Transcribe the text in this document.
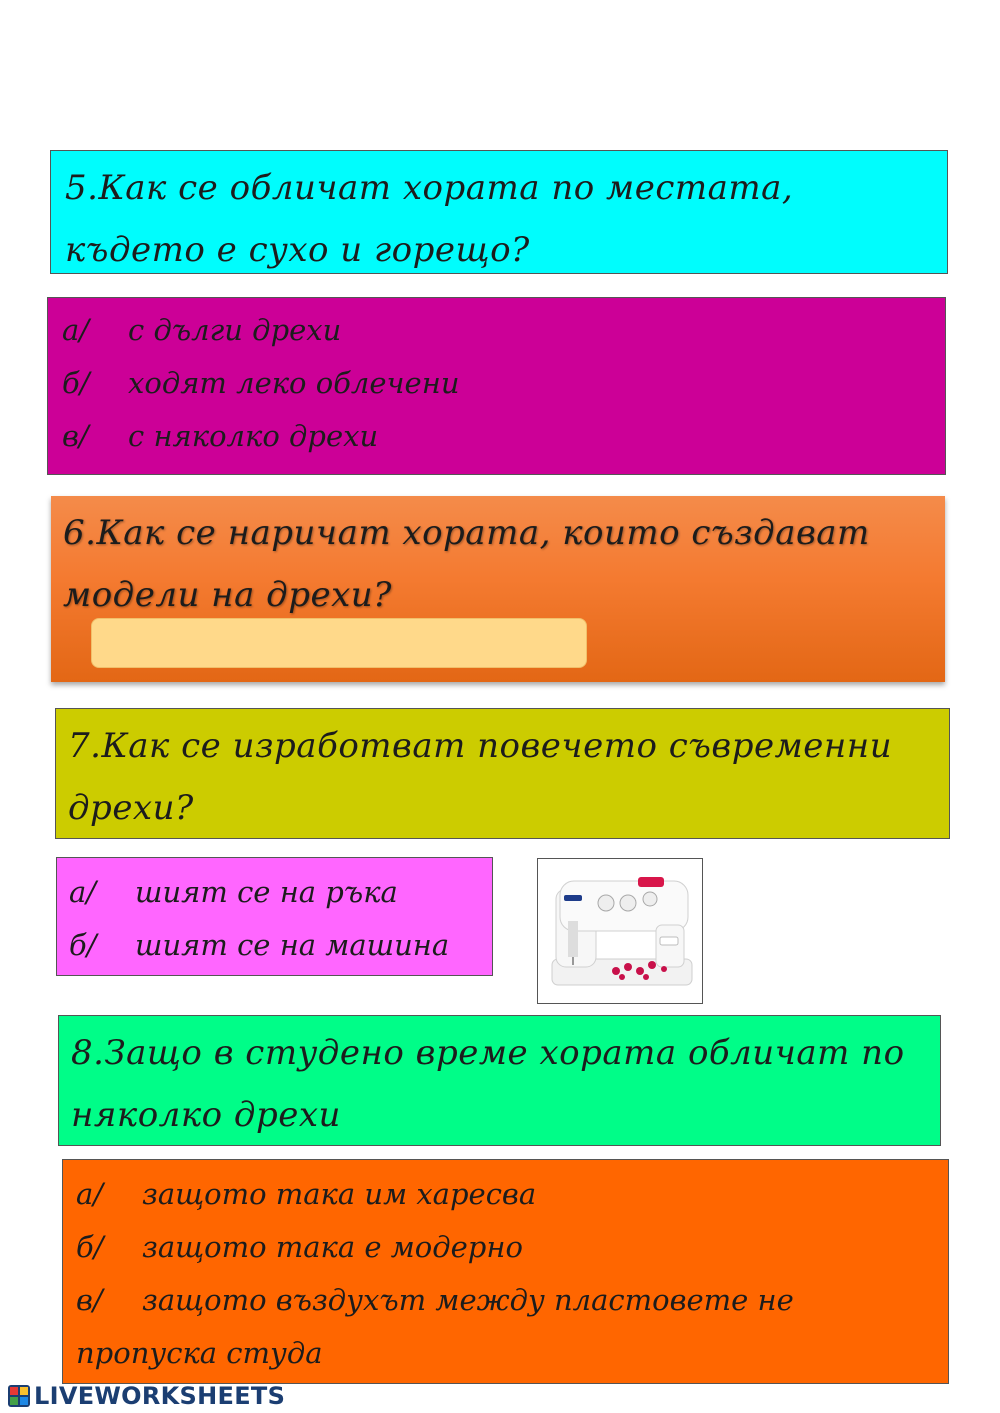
5.Как се обличат хората по местата, където е сухо и горещо?
а/ с дълги дрехи
б/ ходят леко облечени
в/ с няколко дрехи
6.Как се наричат хората, които създават модели на дрехи?
7.Как се изработват повечето съвременни дрехи?
а/ шият се на ръка
б/ шият се на машина
8.Защо в студено време хората обличат по няколко дрехи
а/ защото така им харесва
б/ защото така е модерно
в/ защото въздухът между пластовете не
пропуска студа
LIVEWORKSHEETS
